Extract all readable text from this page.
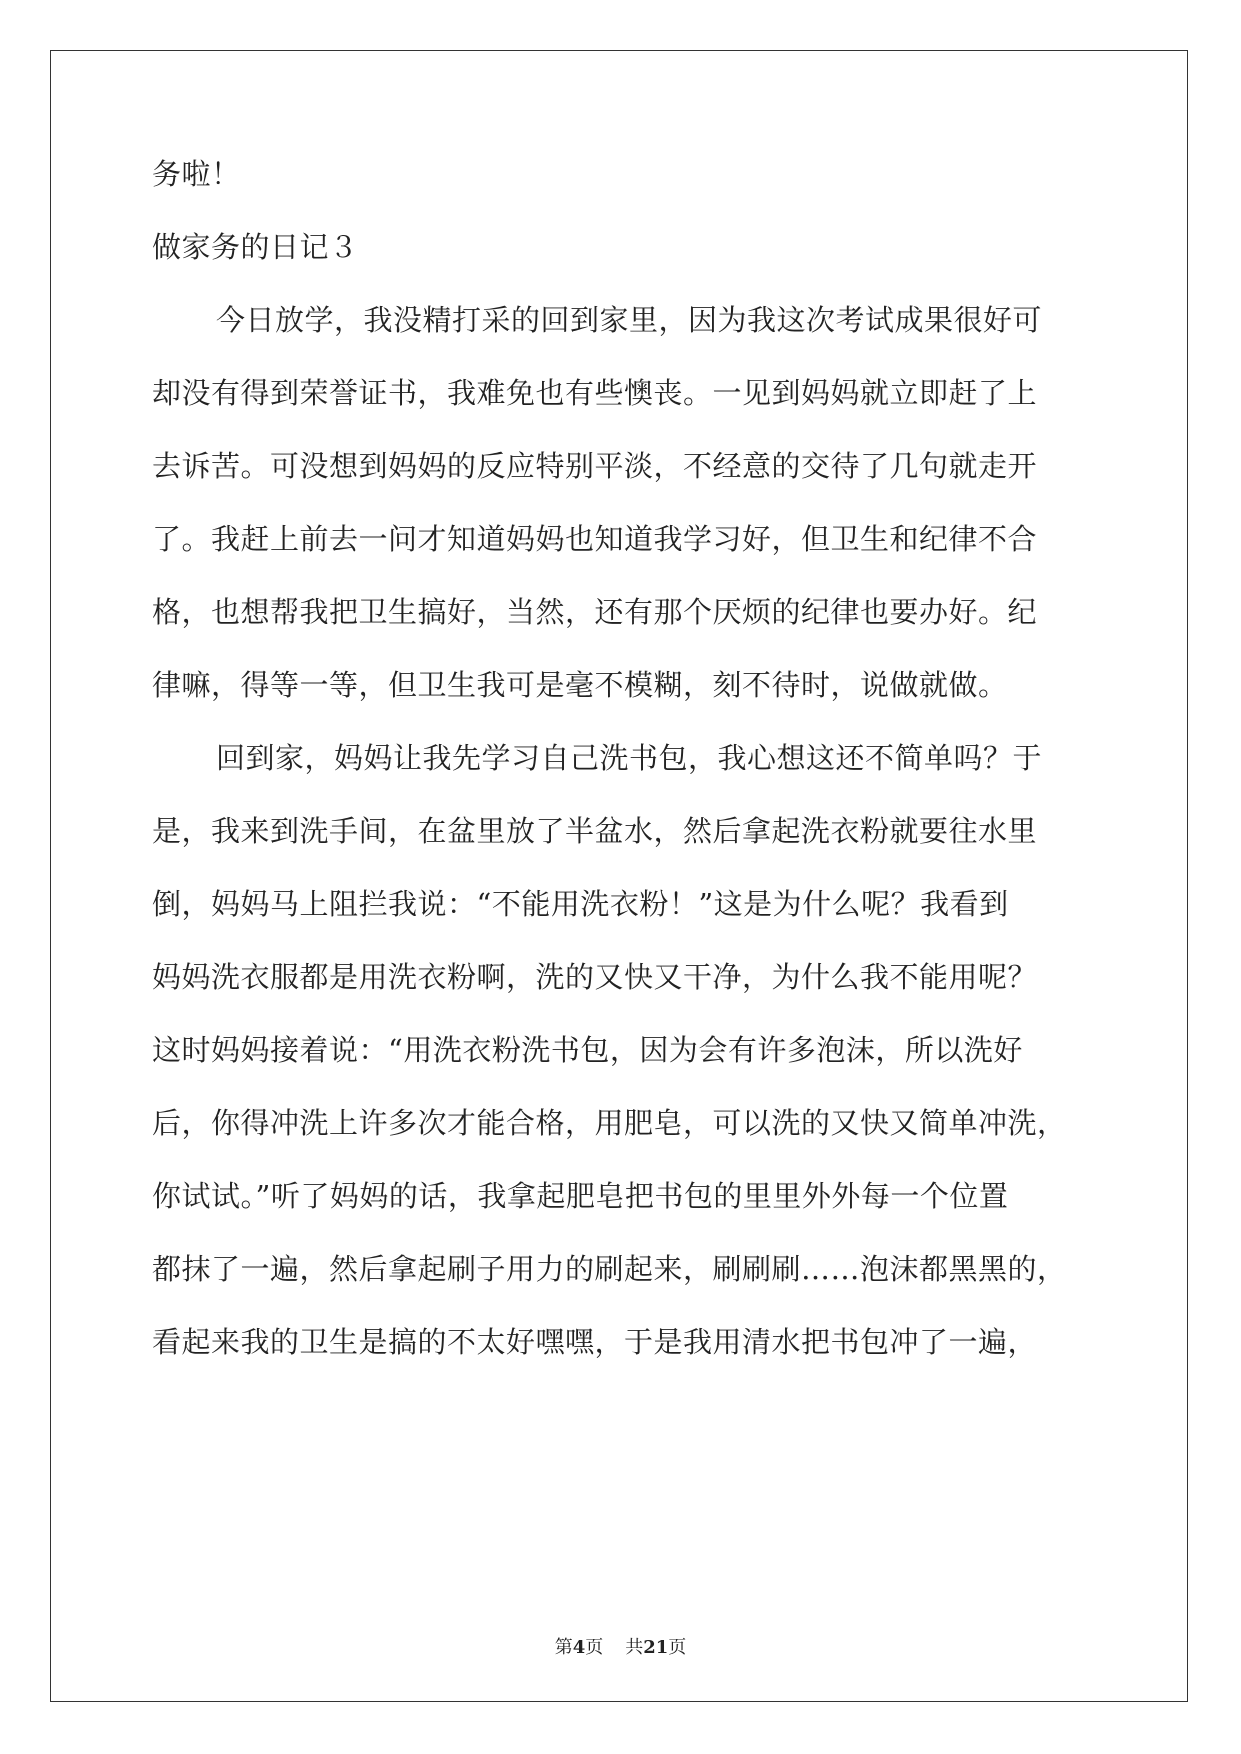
务啦！
做家务的日记３
今日放学，我没精打采的回到家里，因为我这次考试成果很好可
却没有得到荣誉证书，我难免也有些懊丧。一见到妈妈就立即赶了上
去诉苦。可没想到妈妈的反应特别平淡，不经意的交待了几句就走开
了。我赶上前去一问才知道妈妈也知道我学习好，但卫生和纪律不合
格，也想帮我把卫生搞好，当然，还有那个厌烦的纪律也要办好。纪
律嘛，得等一等，但卫生我可是毫不模糊，刻不待时，说做就做。
回到家，妈妈让我先学习自己洗书包，我心想这还不简单吗？于
是，我来到洗手间，在盆里放了半盆水，然后拿起洗衣粉就要往水里
倒，妈妈马上阻拦我说：“不能用洗衣粉！”这是为什么呢？我看到
妈妈洗衣服都是用洗衣粉啊，洗的又快又干净，为什么我不能用呢？
这时妈妈接着说：“用洗衣粉洗书包，因为会有许多泡沫，所以洗好
后，你得冲洗上许多次才能合格，用肥皂，可以洗的又快又简单冲洗，
你试试。”听了妈妈的话，我拿起肥皂把书包的里里外外每一个位置
都抹了一遍，然后拿起刷子用力的刷起来，刷刷刷……泡沫都黑黑的，
看起来我的卫生是搞的不太好嘿嘿，于是我用清水把书包冲了一遍，
第4页 共21页
